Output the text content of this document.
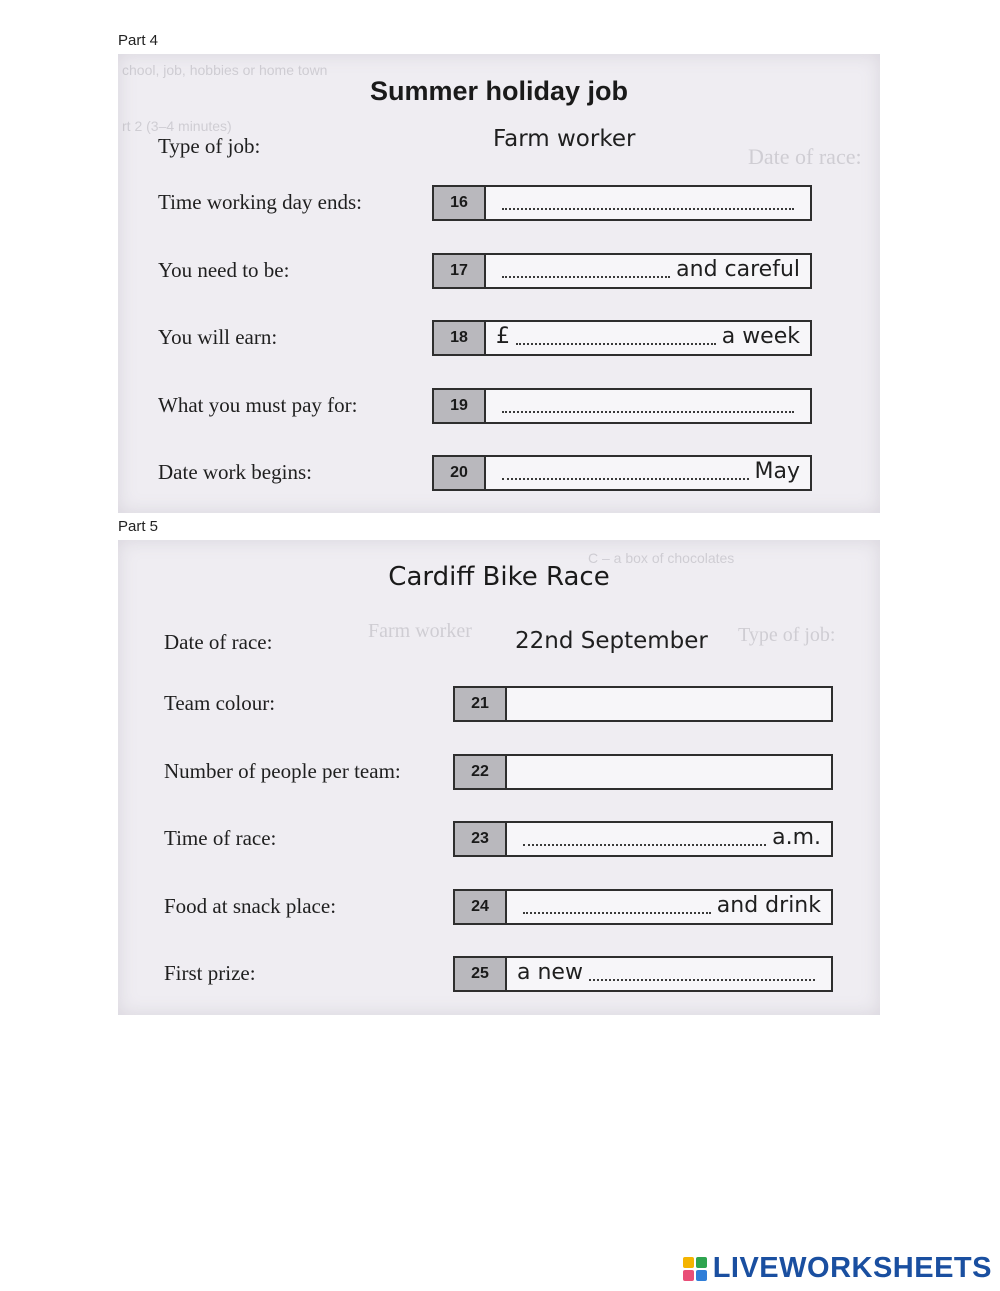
Part 4
chool, job, hobbies or home town
rt 2 (3–4 minutes)
Date of race:
Summer holiday job
Type of job:	Farm worker
Time working day ends:	16
You need to be:	17	and careful
You will earn:	18	£	a week
What you must pay for:	19
Date work begins:	20	May
Part 5
C – a box of chocolates
Farm worker	Type of job:
Cardiff Bike Race
Date of race:	22nd September
Team colour:	21
Number of people per team:	22
Time of race:	23	a.m.
Food at snack place:	24	and drink
First prize:	25	a new
LIVEWORKSHEETS
